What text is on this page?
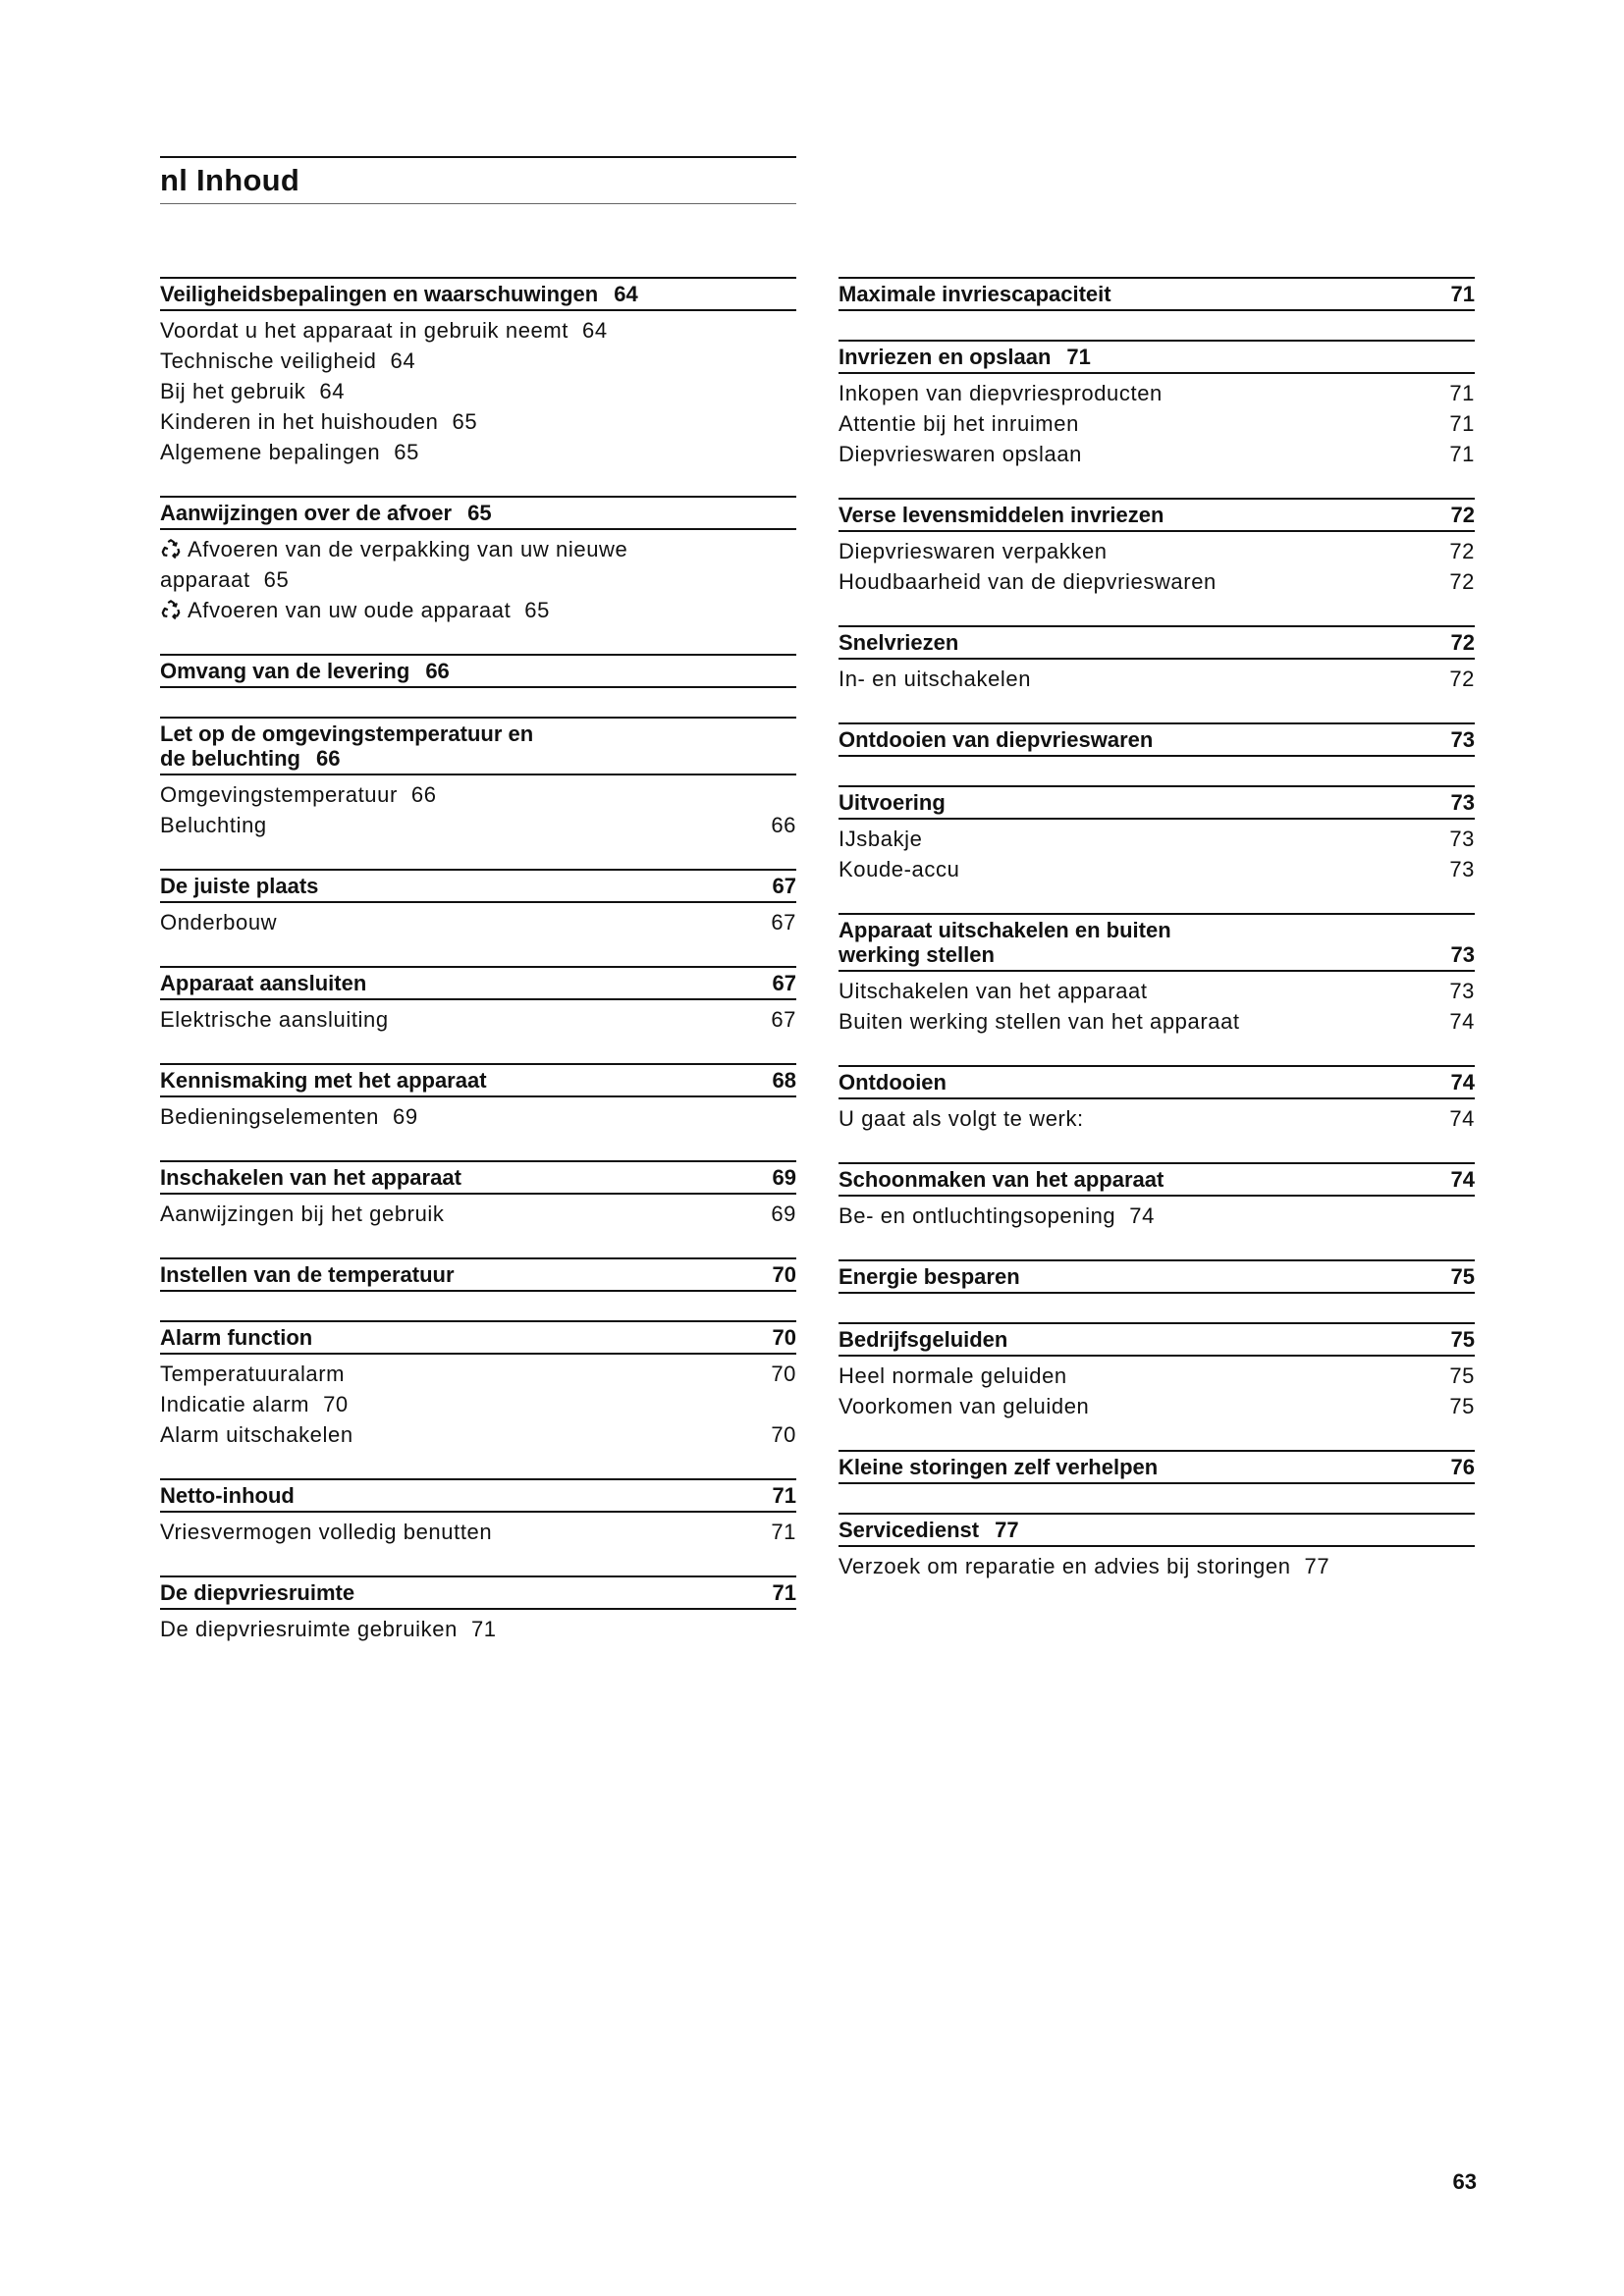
nl Inhoud
Veiligheidsbepalingen en waarschuwingen 64
Voordat u het apparaat in gebruik neemt 64
Technische veiligheid 64
Bij het gebruik 64
Kinderen in het huishouden 65
Algemene bepalingen 65
Aanwijzingen over de afvoer 65
Afvoeren van de verpakking van uw nieuwe
apparaat 65
Afvoeren van uw oude apparaat 65
Omvang van de levering 66
Let op de omgevingstemperatuur en
de beluchting 66
Omgevingstemperatuur 66
Beluchting	66
De juiste plaats	67
Onderbouw	67
Apparaat aansluiten	67
Elektrische aansluiting	67
Kennismaking met het apparaat	68
Bedieningselementen 69
Inschakelen van het apparaat	69
Aanwijzingen bij het gebruik	69
Instellen van de temperatuur	70
Alarm function	70
Temperatuuralarm	70
Indicatie alarm 70
Alarm uitschakelen	70
Netto-inhoud	71
Vriesvermogen volledig benutten	71
De diepvriesruimte	71
De diepvriesruimte gebruiken 71
Maximale invriescapaciteit	71
Invriezen en opslaan 71
Inkopen van diepvriesproducten	71
Attentie bij het inruimen	71
Diepvrieswaren opslaan	71
Verse levensmiddelen invriezen	72
Diepvrieswaren verpakken	72
Houdbaarheid van de diepvrieswaren	72
Snelvriezen	72
In- en uitschakelen	72
Ontdooien van diepvrieswaren	73
Uitvoering	73
IJsbakje	73
Koude-accu	73
Apparaat uitschakelen en buiten
werking stellen	73
Uitschakelen van het apparaat	73
Buiten werking stellen van het apparaat	74
Ontdooien	74
U gaat als volgt te werk:	74
Schoonmaken van het apparaat	74
Be- en ontluchtingsopening 74
Energie besparen	75
Bedrijfsgeluiden	75
Heel normale geluiden	75
Voorkomen van geluiden	75
Kleine storingen zelf verhelpen	76
Servicedienst 77
Verzoek om reparatie en advies bij storingen 77
63
